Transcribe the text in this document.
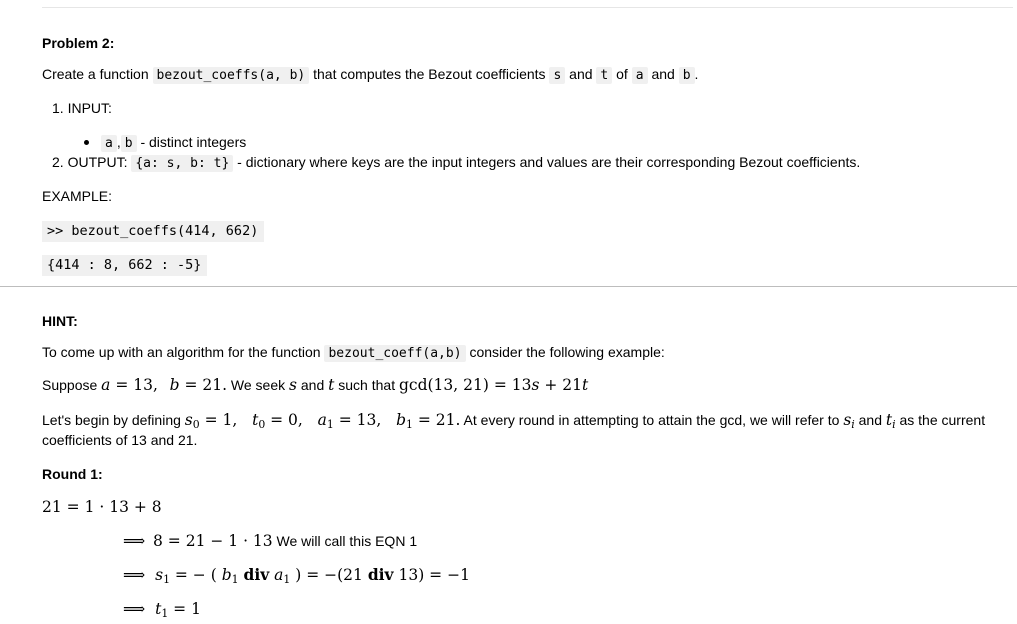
Problem 2:
Create a function bezout_coeffs(a, b) that computes the Bezout coefficients s and t of a and b .
1. INPUT:
a , b - distinct integers
2. OUTPUT: {a: s, b: t} - dictionary where keys are the input integers and values are their corresponding Bezout coefficients.
EXAMPLE:
>> bezout_coeffs(414, 662)
{414 : 8, 662 : -5}
HINT:
To come up with an algorithm for the function bezout_coeff(a,b) consider the following example:
Suppose a = 13, b = 21. We seek s and t such that gcd(13, 21) = 13s + 21t
Let's begin by defining $s_0 = 1$,   $t_0 = 0$,   $a_1 = 13$,   $b_1 = 21$. At every round in attempting to attain the gcd, we will refer to $s_i$ and $t_i$ as the current
coefficients of 13 and 21.
Round 1:
21 = 1 · 13 + 8
⟹ 8 = 21 − 1 · 13 We will call this EQN 1
⟹ $s_1$ = − ( $b_1$ div $a_1$ ) = −(21 div 13) = −1
⟹ $t_1 = 1$
